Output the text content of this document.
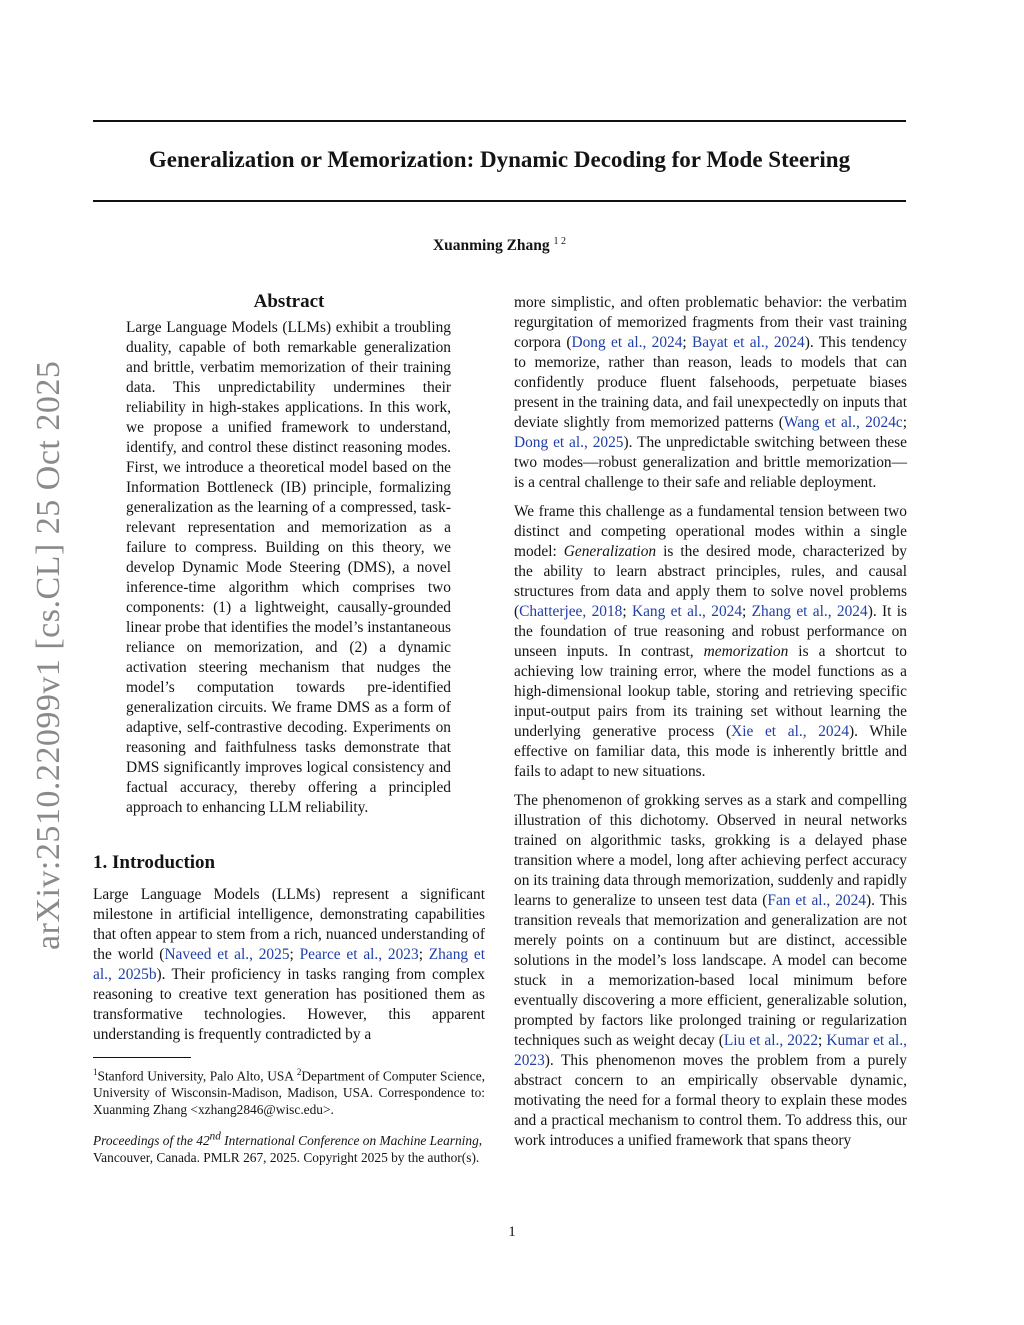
arXiv:2510.22099v1 [cs.CL] 25 Oct 2025
Generalization or Memorization: Dynamic Decoding for Mode Steering
Xuanming Zhang $^{1 2}$
Abstract

Large Language Models (LLMs) exhibit a troubling duality, capable of both remarkable generalization and brittle, verbatim memorization of their training data. This unpredictability undermines their reliability in high-stakes applications. In this work, we propose a unified framework to understand, identify, and control these distinct reasoning modes. First, we introduce a theoretical model based on the Information Bottleneck (IB) principle, formalizing generalization as the learning of a compressed, task-relevant representation and memorization as a failure to compress. Building on this theory, we develop Dynamic Mode Steering (DMS), a novel inference-time algorithm which comprises two components: (1) a lightweight, causally-grounded linear probe that identifies the model’s instantaneous reliance on memorization, and (2) a dynamic activation steering mechanism that nudges the model’s computation towards pre-identified generalization circuits. We frame DMS as a form of adaptive, self-contrastive decoding. Experiments on reasoning and faithfulness tasks demonstrate that DMS significantly improves logical consistency and factual accuracy, thereby offering a principled approach to enhancing LLM reliability.

1. Introduction

Large Language Models (LLMs) represent a significant milestone in artificial intelligence, demonstrating capabilities that often appear to stem from a rich, nuanced understanding of the world (Naveed et al., 2025; Pearce et al., 2023; Zhang et al., 2025b). Their proficiency in tasks ranging from complex reasoning to creative text generation has positioned them as transformative technologies. However, this apparent understanding is frequently contradicted by a

$^1$Stanford University, Palo Alto, USA $^2$Department of Computer Science, University of Wisconsin-Madison, Madison, USA. Correspondence to: Xuanming Zhang <xzhang2846@wisc.edu>.

Proceedings of the 42nd International Conference on Machine Learning, Vancouver, Canada. PMLR 267, 2025. Copyright 2025 by the author(s).

more simplistic, and often problematic behavior: the verbatim regurgitation of memorized fragments from their vast training corpora (Dong et al., 2024; Bayat et al., 2024). This tendency to memorize, rather than reason, leads to models that can confidently produce fluent falsehoods, perpetuate biases present in the training data, and fail unexpectedly on inputs that deviate slightly from memorized patterns (Wang et al., 2024c; Dong et al., 2025). The unpredictable switching between these two modes—robust generalization and brittle memorization—is a central challenge to their safe and reliable deployment.

We frame this challenge as a fundamental tension between two distinct and competing operational modes within a single model: Generalization is the desired mode, characterized by the ability to learn abstract principles, rules, and causal structures from data and apply them to solve novel problems (Chatterjee, 2018; Kang et al., 2024; Zhang et al., 2024). It is the foundation of true reasoning and robust performance on unseen inputs. In contrast, memorization is a shortcut to achieving low training error, where the model functions as a high-dimensional lookup table, storing and retrieving specific input-output pairs from its training set without learning the underlying generative process (Xie et al., 2024). While effective on familiar data, this mode is inherently brittle and fails to adapt to new situations.

The phenomenon of grokking serves as a stark and compelling illustration of this dichotomy. Observed in neural networks trained on algorithmic tasks, grokking is a delayed phase transition where a model, long after achieving perfect accuracy on its training data through memorization, suddenly and rapidly learns to generalize to unseen test data (Fan et al., 2024). This transition reveals that memorization and generalization are not merely points on a continuum but are distinct, accessible solutions in the model’s loss landscape. A model can become stuck in a memorization-based local minimum before eventually discovering a more efficient, generalizable solution, prompted by factors like prolonged training or regularization techniques such as weight decay (Liu et al., 2022; Kumar et al., 2023). This phenomenon moves the problem from a purely abstract concern to an empirically observable dynamic, motivating the need for a formal theory to explain these modes and a practical mechanism to control them. To address this, our work introduces a unified framework that spans theory

1
